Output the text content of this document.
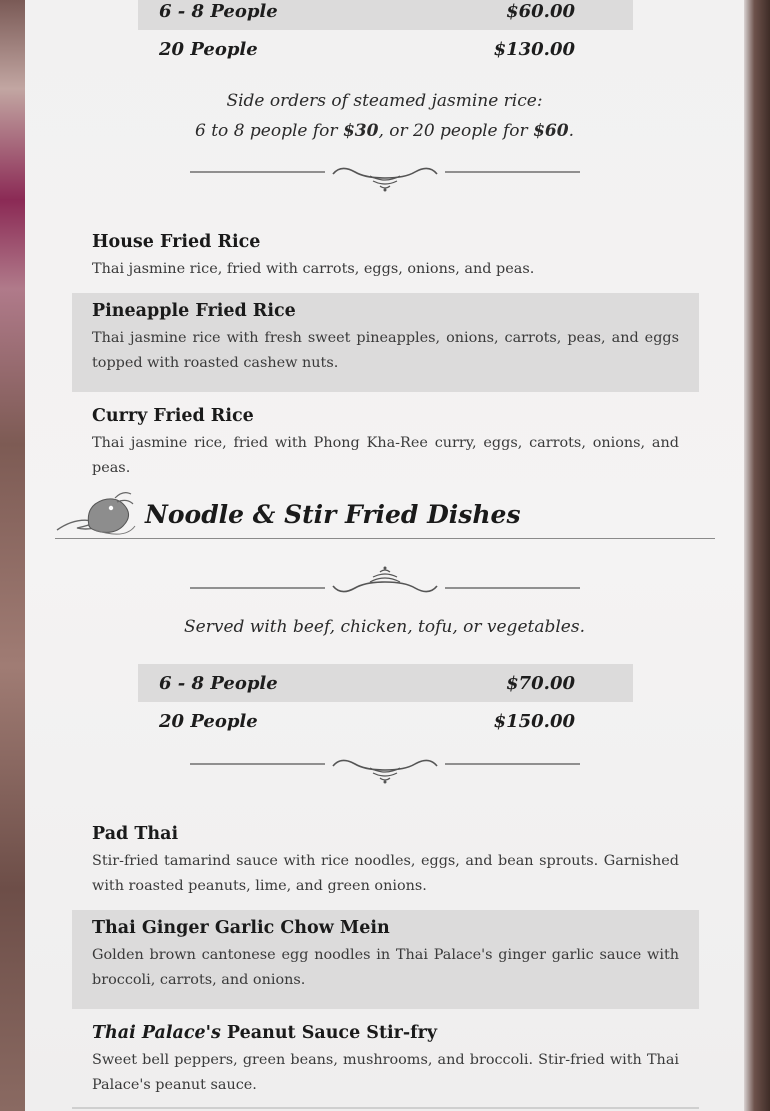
6 - 8 People	$60.00
20 People	$130.00
Side orders of steamed jasmine rice:
6 to 8 people for $30, or 20 people for $60.

House Fried Rice

Thai jasmine rice, fried with carrots, eggs, onions, and peas.

Pineapple Fried Rice

Thai jasmine rice with fresh sweet pineapples, onions, carrots, peas, and eggs topped with roasted cashew nuts.

Curry Fried Rice

Thai jasmine rice, fried with Phong Kha-Ree curry, eggs, carrots, onions, and peas.

Noodle & Stir Fried Dishes
Served with beef, chicken, tofu, or vegetables.
6 - 8 People	$70.00
20 People	$150.00

Pad Thai

Stir-fried tamarind sauce with rice noodles, eggs, and bean sprouts. Garnished with roasted peanuts, lime, and green onions.

Thai Ginger Garlic Chow Mein

Golden brown cantonese egg noodles in Thai Palace's ginger garlic sauce with broccoli, carrots, and onions.

Thai Palace's Peanut Sauce Stir-fry

Sweet bell peppers, green beans, mushrooms, and broccoli. Stir-fried with Thai Palace's peanut sauce.
